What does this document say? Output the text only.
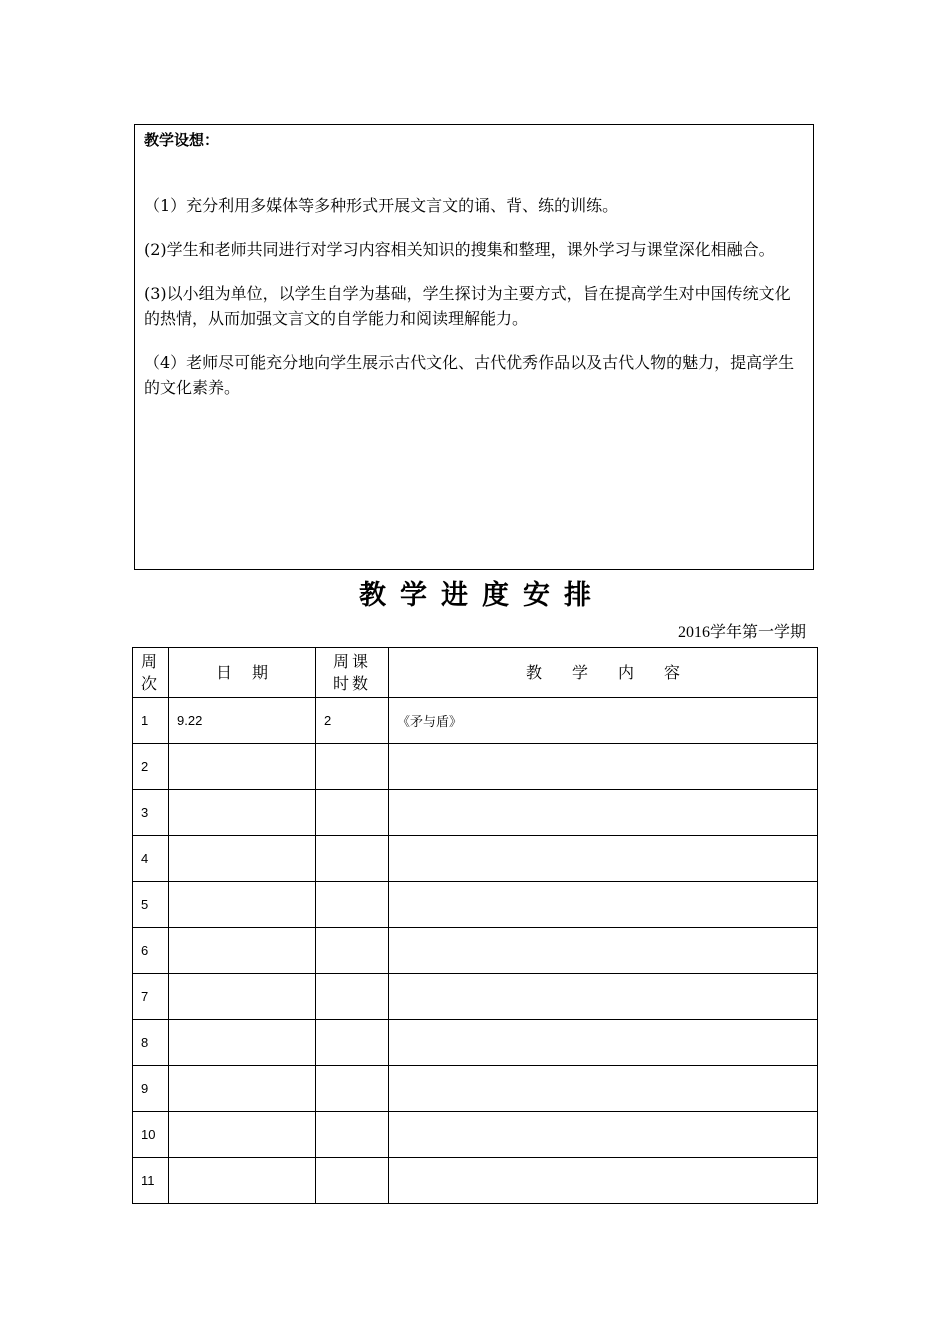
教学设想：

（1）充分利用多媒体等多种形式开展文言文的诵、背、练的训练。

(2)学生和老师共同进行对学习内容相关知识的搜集和整理，课外学习与课堂深化相融合。

(3)以小组为单位，以学生自学为基础，学生探讨为主要方式，旨在提高学生对中国传统文化的热情，从而加强文言文的自学能力和阅读理解能力。

（4）老师尽可能充分地向学生展示古代文化、古代优秀作品以及古代人物的魅力，提高学生的文化素养。

教学进度安排
2016学年第一学期
周次	日期	周课时数	教学内容
1	9.22	2	《矛与盾》
2			
3			
4			
5			
6			
7			
8			
9			
10			
11			
